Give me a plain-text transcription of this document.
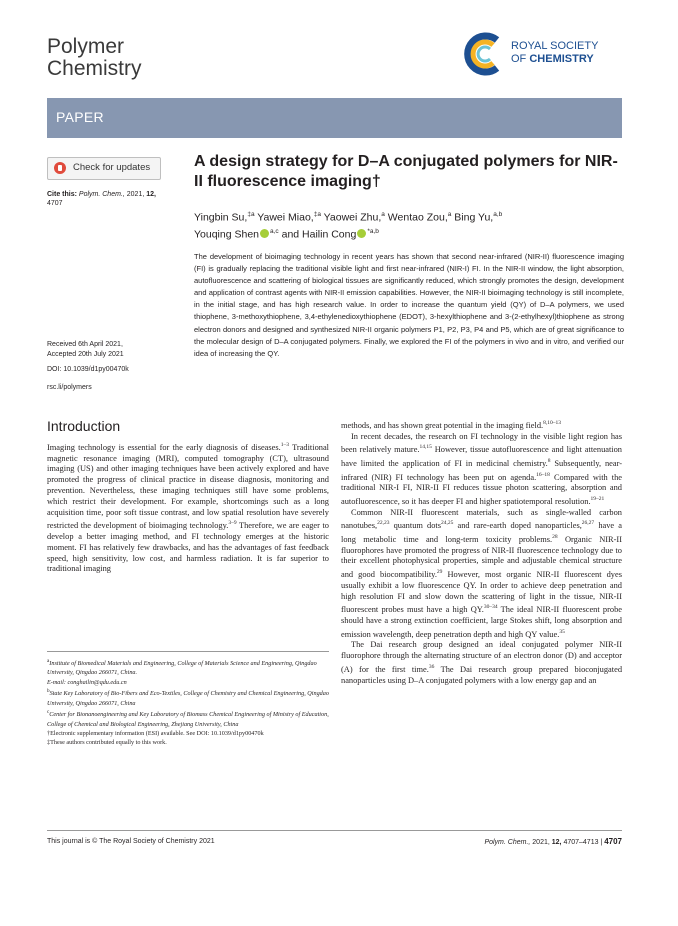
Polymer
Chemistry
ROYAL SOCIETY
OF CHEMISTRY
PAPER
Check for updates
Cite this: Polym. Chem., 2021, 12,
4707
A design strategy for D–A conjugated polymers for NIR-II fluorescence imaging†
Yingbin Su,$^{\ddagger a}$ Yawei Miao,$^{\ddagger a}$ Yaowei Zhu,$^a$ Wentao Zou,$^a$ Bing Yu,$^{a,b}$
Youqing Shen $^{a,c}$ and Hailin Cong $^{*a,b}$
The development of bioimaging technology in recent years has shown that second near-infrared (NIR-II) fluorescence imaging (FI) is gradually replacing the traditional visible light and first near-infrared (NIR-I) FI. In the NIR-II window, the light absorption, autofluorescence and scattering of biological tissues are significantly reduced, which strongly promotes the design, development and application of contrast agents with NIR-II emission capabilities. However, the NIR-II bioimaging technology is still incomplete, in the initial stage, and has high research value. In order to increase the quantum yield (QY) of D–A polymers, we used thiophene, 3-methoxythiophene, 3,4-ethylenedioxythiophene (EDOT), 3-hexylthiophene and 3-(2-ethylhexyl)thiophene as strong electron donors and designed and synthesized NIR-II organic polymers P1, P2, P3, P4 and P5, which are of great significance to the molecular design of D–A conjugated polymers. Finally, we explored the FI of the polymers in vivo and in vitro, and verified our idea of increasing the QY.
Received 6th April 2021,
Accepted 20th July 2021
DOI: 10.1039/d1py00470k
rsc.li/polymers
Introduction

Imaging technology is essential for the early diagnosis of diseases.$^{1-3}$ Traditional magnetic resonance imaging (MRI), computed tomography (CT), ultrasound imaging (US) and other imaging techniques have been actively explored and have promoted the progress of clinical practice in disease diagnosis, monitoring and prevention. Nevertheless, these imaging techniques still have some problems, which restrict their development. For example, shortcomings such as a long acquisition time, poor soft tissue contrast, and low spatial resolution have severely restricted the development of bioimaging technology.$^{3-9}$ Therefore, we are eager to develop a better imaging method, and FI technology emerges at the historic moment. FI has relatively few drawbacks, and has the advantages of fast feedback speed, high sensitivity, low cost, and harmless radiation. It is far superior to traditional imaging

$^a$Institute of Biomedical Materials and Engineering, College of Materials Science and Engineering, Qingdao University, Qingdao 266071, China.
E-mail: conghailin@qdu.edu.cn
$^b$State Key Laboratory of Bio-Fibers and Eco-Textiles, College of Chemistry and Chemical Engineering, Qingdao University, Qingdao 266071, China
$^c$Center for Bionanoengineering and Key Laboratory of Biomass Chemical Engineering of Ministry of Education, College of Chemical and Biological Engineering, Zhejiang University, China
†Electronic supplementary information (ESI) available. See DOI: 10.1039/d1py00470k
‡These authors contributed equally to this work.

methods, and has shown great potential in the imaging field.$^{8,10-13}$

In recent decades, the research on FI technology in the visible light region has been relatively mature.$^{14,15}$ However, tissue autofluorescence and light attenuation have limited the application of FI in medicinal chemistry.$^8$ Subsequently, near-infrared (NIR) FI technology has been put on agenda.$^{16-18}$ Compared with the traditional NIR-I FI, NIR-II FI reduces tissue photon scattering, absorption and autofluorescence, so it has deeper FI and higher spatiotemporal resolution.$^{19-21}$

Common NIR-II fluorescent materials, such as single-walled carbon nanotubes,$^{22,23}$ quantum dots$^{24,25}$ and rare-earth doped nanoparticles,$^{26,27}$ have a long metabolic time and long-term toxicity problems.$^{28}$ Organic NIR-II fluorophores have promoted the progress of NIR-II fluorescence technology due to their excellent photophysical properties, simple and adjustable chemical structure and good biocompatibility.$^{29}$ However, most organic NIR-II fluorescent dyes usually exhibit a low fluorescence QY. In order to achieve deep penetration and high resolution FI and slow down the scattering of light in the tissue, NIR-II fluorescent probes must have a high QY.$^{30-34}$ The ideal NIR-II fluorescent probe should have a strong extinction coefficient, large Stokes shift, long absorption and emission wavelength, deep penetration depth and high QY value.$^{35}$

The Dai research group designed an ideal conjugated polymer NIR-II fluorophore through the alternating structure of an electron donor (D) and acceptor (A) for the first time.$^{36}$ The Dai research group prepared bioconjugated nanoparticles using D–A conjugated polymers with a low energy gap and an

This journal is © The Royal Society of Chemistry 2021	Polym. Chem., 2021, 12, 4707–4713 | 4707
